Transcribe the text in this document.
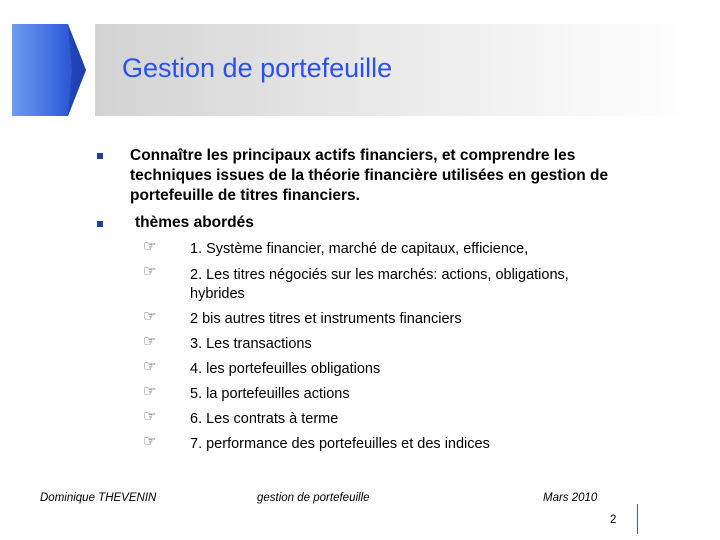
Gestion de portefeuille
Connaître les principaux actifs financiers, et comprendre les techniques issues de la théorie financière utilisées en gestion de portefeuille de titres financiers.
thèmes abordés
☞	1. Système financier, marché de capitaux, efficience,
☞	2. Les titres négociés sur les marchés: actions, obligations, hybrides
☞	2 bis autres titres et instruments financiers
☞	3. Les transactions
☞	4. les portefeuilles obligations
☞	5. la portefeuilles actions
☞	6. Les contrats à terme
☞	7. performance des portefeuilles et des indices
Dominique THEVENIN	gestion de portefeuille	Mars 2010
2
